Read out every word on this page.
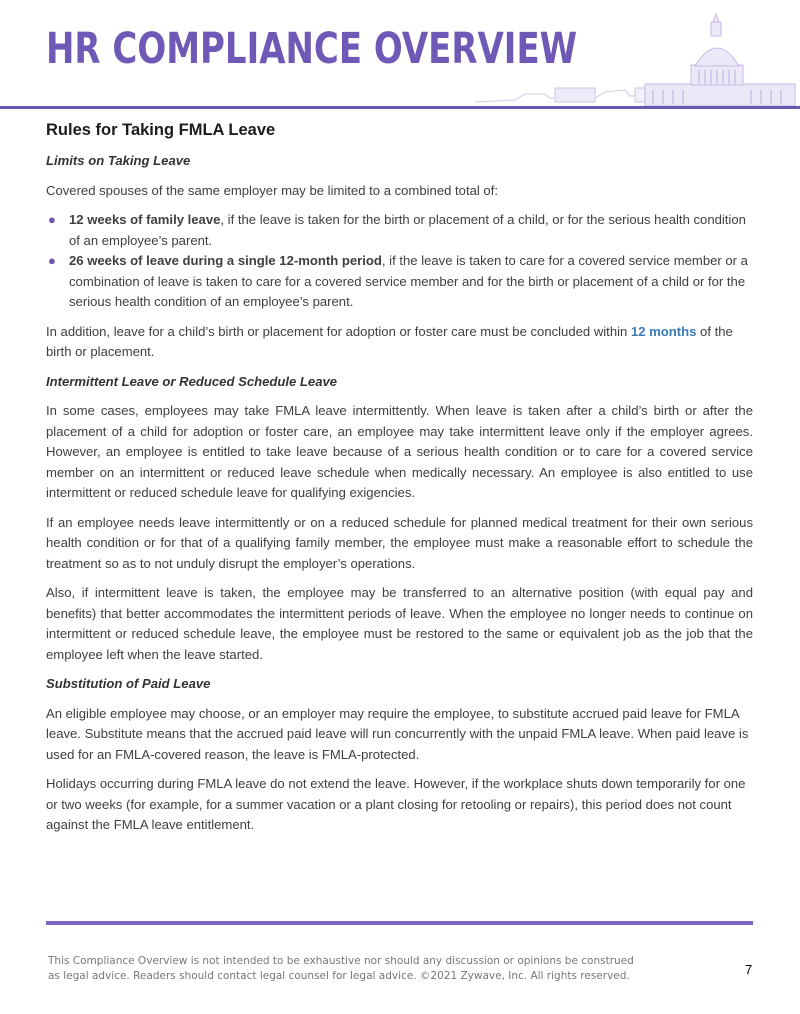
HR COMPLIANCE OVERVIEW
Rules for Taking FMLA Leave
Limits on Taking Leave

Covered spouses of the same employer may be limited to a combined total of:

● 12 weeks of family leave, if the leave is taken for the birth or placement of a child, or for the serious health condition of an employee’s parent.
● 26 weeks of leave during a single 12-month period, if the leave is taken to care for a covered service member or a combination of leave is taken to care for a covered service member and for the birth or placement of a child or for the serious health condition of an employee’s parent.

In addition, leave for a child’s birth or placement for adoption or foster care must be concluded within 12 months of the birth or placement.

Intermittent Leave or Reduced Schedule Leave

In some cases, employees may take FMLA leave intermittently. When leave is taken after a child’s birth or after the placement of a child for adoption or foster care, an employee may take intermittent leave only if the employer agrees. However, an employee is entitled to take leave because of a serious health condition or to care for a covered service member on an intermittent or reduced leave schedule when medically necessary. An employee is also entitled to use intermittent or reduced schedule leave for qualifying exigencies.

If an employee needs leave intermittently or on a reduced schedule for planned medical treatment for their own serious health condition or for that of a qualifying family member, the employee must make a reasonable effort to schedule the treatment so as to not unduly disrupt the employer’s operations.

Also, if intermittent leave is taken, the employee may be transferred to an alternative position (with equal pay and benefits) that better accommodates the intermittent periods of leave. When the employee no longer needs to continue on intermittent or reduced schedule leave, the employee must be restored to the same or equivalent job as the job that the employee left when the leave started.

Substitution of Paid Leave

An eligible employee may choose, or an employer may require the employee, to substitute accrued paid leave for FMLA leave. Substitute means that the accrued paid leave will run concurrently with the unpaid FMLA leave. When paid leave is used for an FMLA-covered reason, the leave is FMLA-protected.

Holidays occurring during FMLA leave do not extend the leave. However, if the workplace shuts down temporarily for one or two weeks (for example, for a summer vacation or a plant closing for retooling or repairs), this period does not count against the FMLA leave entitlement.

This Compliance Overview is not intended to be exhaustive nor should any discussion or opinions be construed
as legal advice. Readers should contact legal counsel for legal advice. ©2021 Zywave, Inc. All rights reserved.	7
